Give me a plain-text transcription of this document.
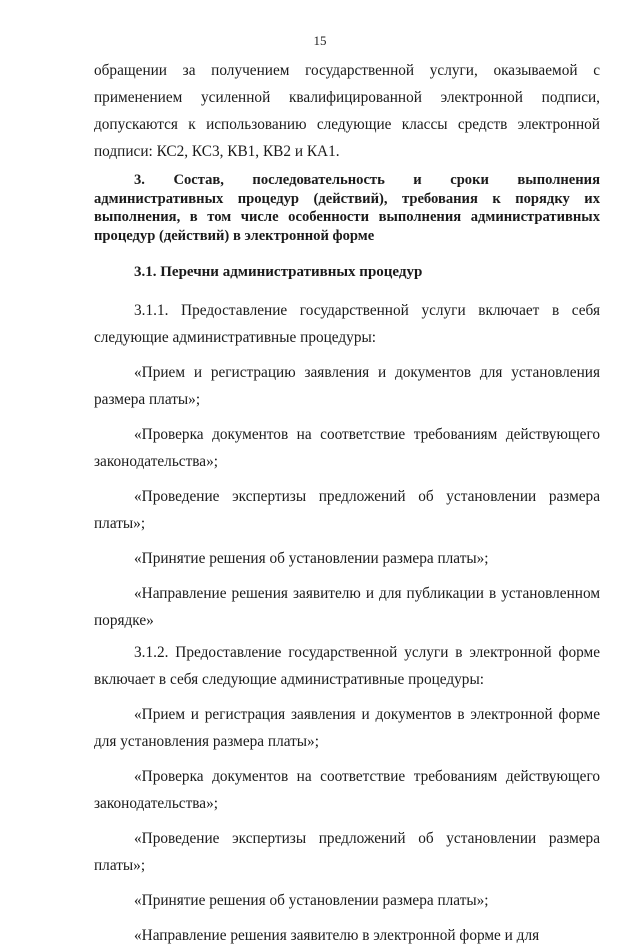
15

обращении за получением государственной услуги, оказываемой с применением усиленной квалифицированной электронной подписи, допускаются к использованию следующие классы средств электронной подписи: КС2, КС3, КВ1, КВ2 и КА1.

3. Состав, последовательность и сроки выполнения административных процедур (действий), требования к порядку их выполнения, в том числе особенности выполнения административных процедур (действий) в электронной форме

3.1. Перечни административных процедур

3.1.1. Предоставление государственной услуги включает в себя следующие административные процедуры:

«Прием и регистрацию заявления и документов для установления размера платы»;

«Проверка документов на соответствие требованиям действующего законодательства»;

«Проведение экспертизы предложений об установлении размера платы»;

«Принятие решения об установлении размера платы»;

«Направление решения заявителю и для публикации в установленном порядке»

3.1.2. Предоставление государственной услуги в электронной форме включает в себя следующие административные процедуры:

«Прием и регистрация заявления и документов в электронной форме для установления размера платы»;

«Проверка документов на соответствие требованиям действующего законодательства»;

«Проведение экспертизы предложений об установлении размера платы»;

«Принятие решения об установлении размера платы»;

«Направление решения заявителю в электронной форме и для
